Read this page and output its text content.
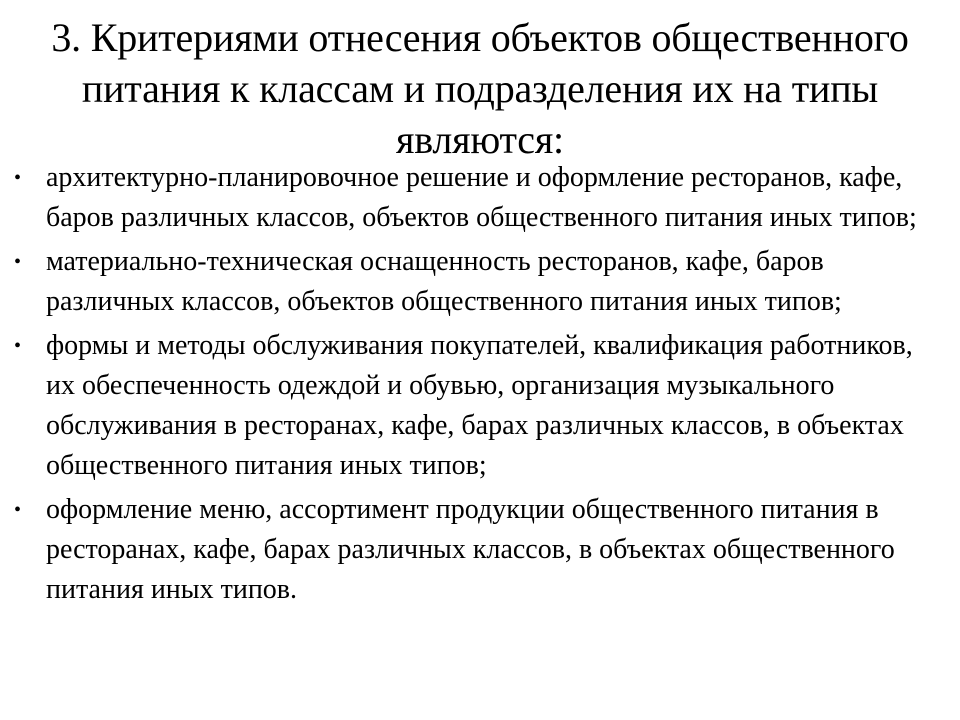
3. Критериями отнесения объектов общественного питания к классам и подразделения их на типы являются:
• архитектурно-планировочное решение и оформление ресторанов, кафе, баров различных классов, объектов общественного питания иных типов;
• материально-техническая оснащенность ресторанов, кафе, баров различных классов, объектов общественного питания иных типов;
• формы и методы обслуживания покупателей, квалификация работников, их обеспеченность одеждой и обувью, организация музыкального обслуживания в ресторанах, кафе, барах различных классов, в объектах общественного питания иных типов;
• оформление меню, ассортимент продукции общественного питания в ресторанах, кафе, барах различных классов, в объектах общественного питания иных типов.
